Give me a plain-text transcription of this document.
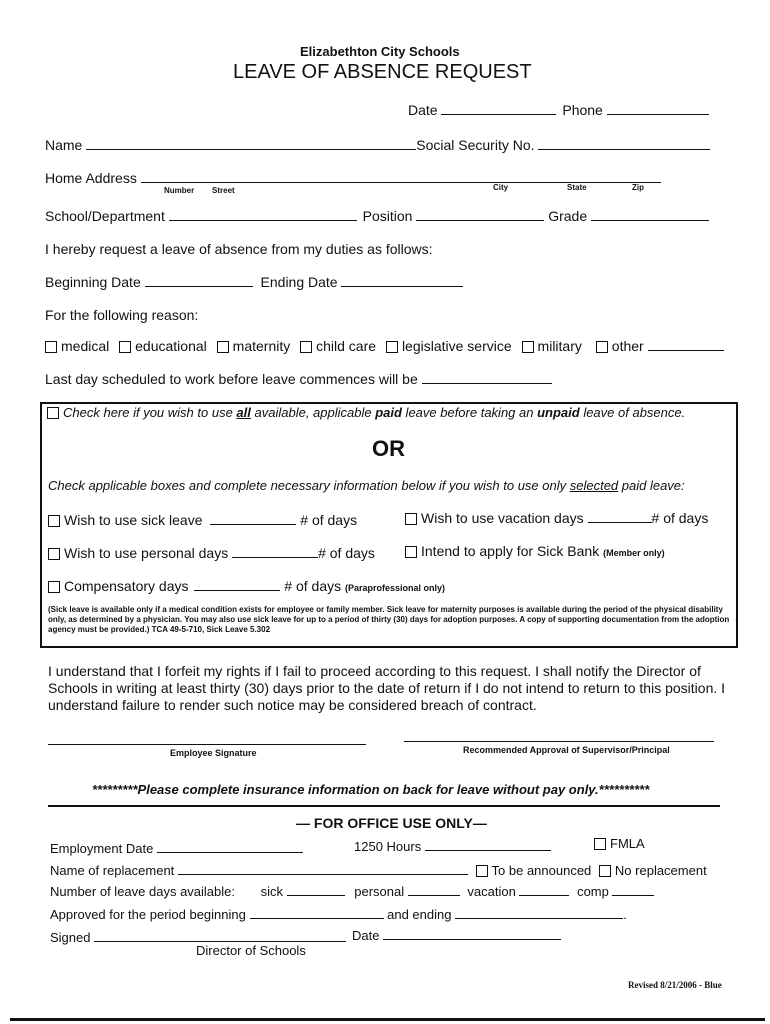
Elizabethton City Schools
LEAVE OF ABSENCE REQUEST
Date	Phone
Name	Social Security No.
Home Address
Number Street	City	State	Zip
School/Department	Position	Grade
I hereby request a leave of absence from my duties as follows:
Beginning Date	Ending Date
For the following reason:
medical educational maternity child care legislative service military other
Last day scheduled to work before leave commences will be
Check here if you wish to use all available, applicable paid leave before taking an unpaid leave of absence.
OR
Check applicable boxes and complete necessary information below if you wish to use only selected paid leave:
Wish to use sick leave	# of days	Wish to use vacation days	# of days
Wish to use personal days	# of days	Intend to apply for Sick Bank (Member only)
Compensatory days	# of days (Paraprofessional only)
(Sick leave is available only if a medical condition exists for employee or family member. Sick leave for maternity purposes is available during the period of the physical disability only, as determined by a physician. You may also use sick leave for up to a period of thirty (30) days for adoption purposes. A copy of supporting documentation from the adoption agency must be provided.) TCA 49-5-710, Sick Leave 5.302
I understand that I forfeit my rights if I fail to proceed according to this request. I shall notify the Director of Schools in writing at least thirty (30) days prior to the date of return if I do not intend to return to this position. I understand failure to render such notice may be considered breach of contract.
Employee Signature	Recommended Approval of Supervisor/Principal
*********Please complete insurance information on back for leave without pay only.**********
— FOR OFFICE USE ONLY—
Employment Date	1250 Hours	FMLA
Name of replacement	To be announced No replacement
Number of leave days available: sick	personal	vacation	comp
Approved for the period beginning	and ending	.
Signed	Date
Director of Schools
Revised 8/21/2006 - Blue
